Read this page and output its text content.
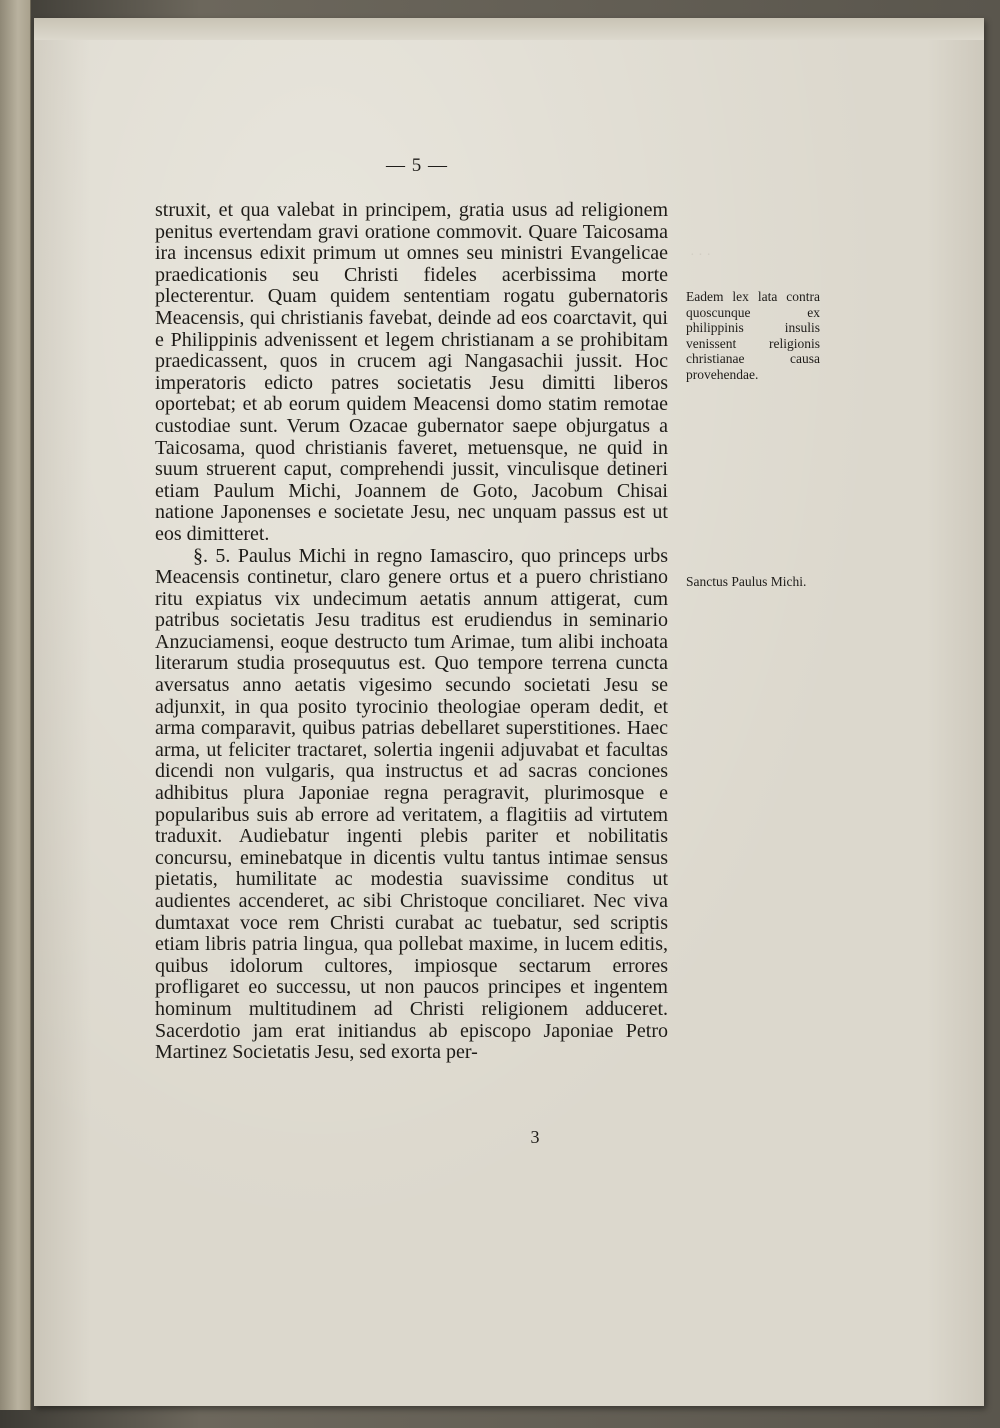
· · ·
— 5 —

struxit, et qua valebat in principem, gratia usus ad religionem penitus evertendam gravi oratione commovit. Quare Taicosama ira incensus edixit primum ut omnes seu ministri Evangelicae praedicationis seu Christi fideles acerbissima morte plecterentur. Quam quidem sententiam rogatu gubernatoris Meacensis, qui christianis favebat, deinde ad eos coarctavit, qui e Philippinis advenissent et legem christianam a se prohibitam praedicassent, quos in crucem agi Nangasachii jussit. Hoc imperatoris edicto patres societatis Jesu dimitti liberos oportebat; et ab eorum quidem Meacensi domo statim remotae custodiae sunt. Verum Ozacae gubernator saepe objurgatus a Taicosama, quod christianis faveret, metuensque, ne quid in suum struerent caput, comprehendi jussit, vinculisque detineri etiam Paulum Michi, Joannem de Goto, Jacobum Chisai natione Japonenses e societate Jesu, nec unquam passus est ut eos dimitteret.

§. 5. Paulus Michi in regno Iamasciro, quo princeps urbs Meacensis continetur, claro genere ortus et a puero christiano ritu expiatus vix undecimum aetatis annum attigerat, cum patribus societatis Jesu traditus est erudiendus in seminario Anzuciamensi, eoque destructo tum Arimae, tum alibi inchoata literarum studia prosequutus est. Quo tempore terrena cuncta aversatus anno aetatis vigesimo secundo societati Jesu se adjunxit, in qua posito tyrocinio theologiae operam dedit, et arma comparavit, quibus patrias debellaret superstitiones. Haec arma, ut feliciter tractaret, solertia ingenii adjuvabat et facultas dicendi non vulgaris, qua instructus et ad sacras conciones adhibitus plura Japoniae regna peragravit, plurimosque e popularibus suis ab errore ad veritatem, a flagitiis ad virtutem traduxit. Audiebatur ingenti plebis pariter et nobilitatis concursu, eminebatque in dicentis vultu tantus intimae sensus pietatis, humilitate ac modestia suavissime conditus ut audientes accenderet, ac sibi Christoque conciliaret. Nec viva dumtaxat voce rem Christi curabat ac tuebatur, sed scriptis etiam libris patria lingua, qua pollebat maxime, in lucem editis, quibus idolorum cultores, impiosque sectarum errores profligaret eo successu, ut non paucos principes et ingentem hominum multitudinem ad Christi religionem adduceret. Sacerdotio jam erat initiandus ab episcopo Japoniae Petro Martinez Societatis Jesu, sed exorta per-

Eadem lex lata contra quoscunque ex philippinis insulis venissent religionis christianae causa provehendae.
Sanctus Paulus Michi.
3
